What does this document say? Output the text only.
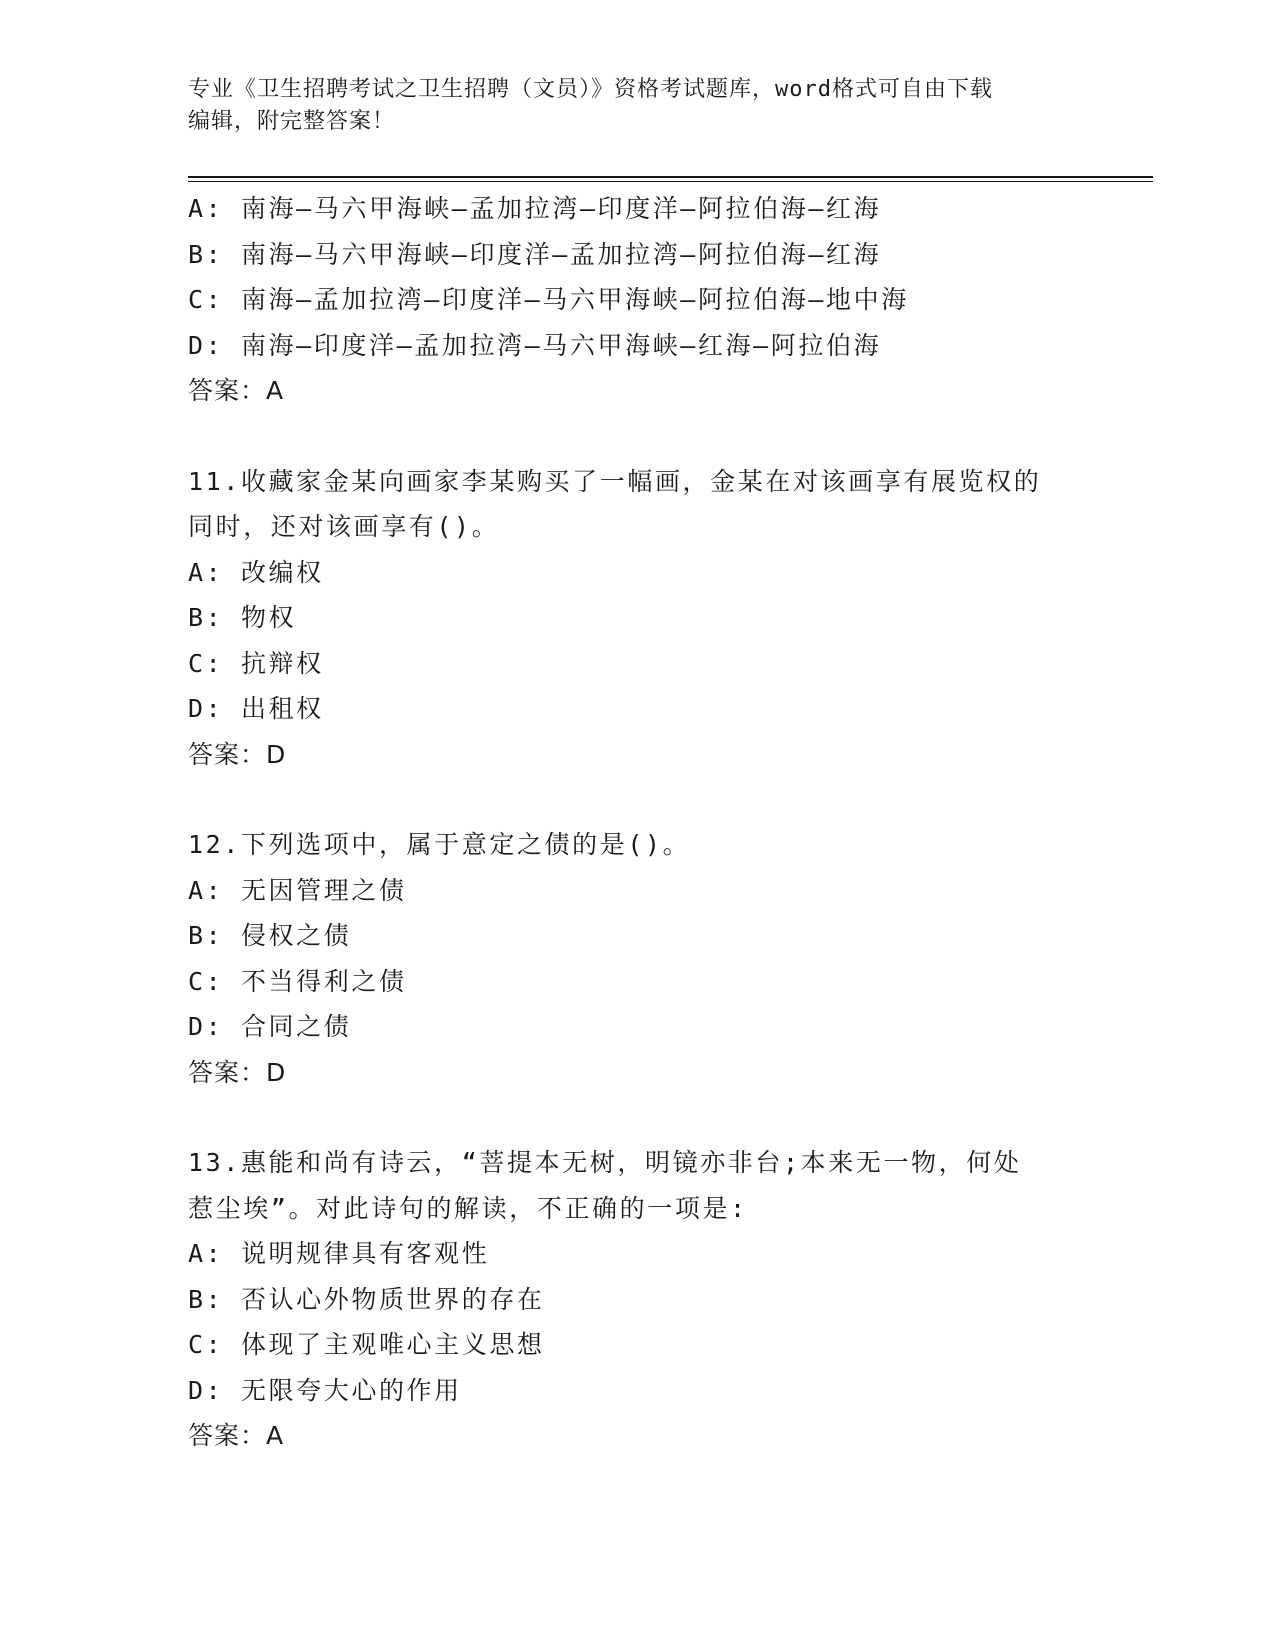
专业《卫生招聘考试之卫生招聘（文员）》资格考试题库，word格式可自由下载
编辑，附完整答案！
A: 南海—马六甲海峡—孟加拉湾—印度洋—阿拉伯海—红海
B: 南海—马六甲海峡—印度洋—孟加拉湾—阿拉伯海—红海
C: 南海—孟加拉湾—印度洋—马六甲海峡—阿拉伯海—地中海
D: 南海—印度洋—孟加拉湾—马六甲海峡—红海—阿拉伯海
答案：A
11.收藏家金某向画家李某购买了一幅画，金某在对该画享有展览权的
同时，还对该画享有()。
A: 改编权
B: 物权
C: 抗辩权
D: 出租权
答案：D
12.下列选项中，属于意定之债的是()。
A: 无因管理之债
B: 侵权之债
C: 不当得利之债
D: 合同之债
答案：D
13.惠能和尚有诗云，“菩提本无树，明镜亦非台;本来无一物，何处
惹尘埃”。对此诗句的解读，不正确的一项是:
A: 说明规律具有客观性
B: 否认心外物质世界的存在
C: 体现了主观唯心主义思想
D: 无限夸大心的作用
答案：A
